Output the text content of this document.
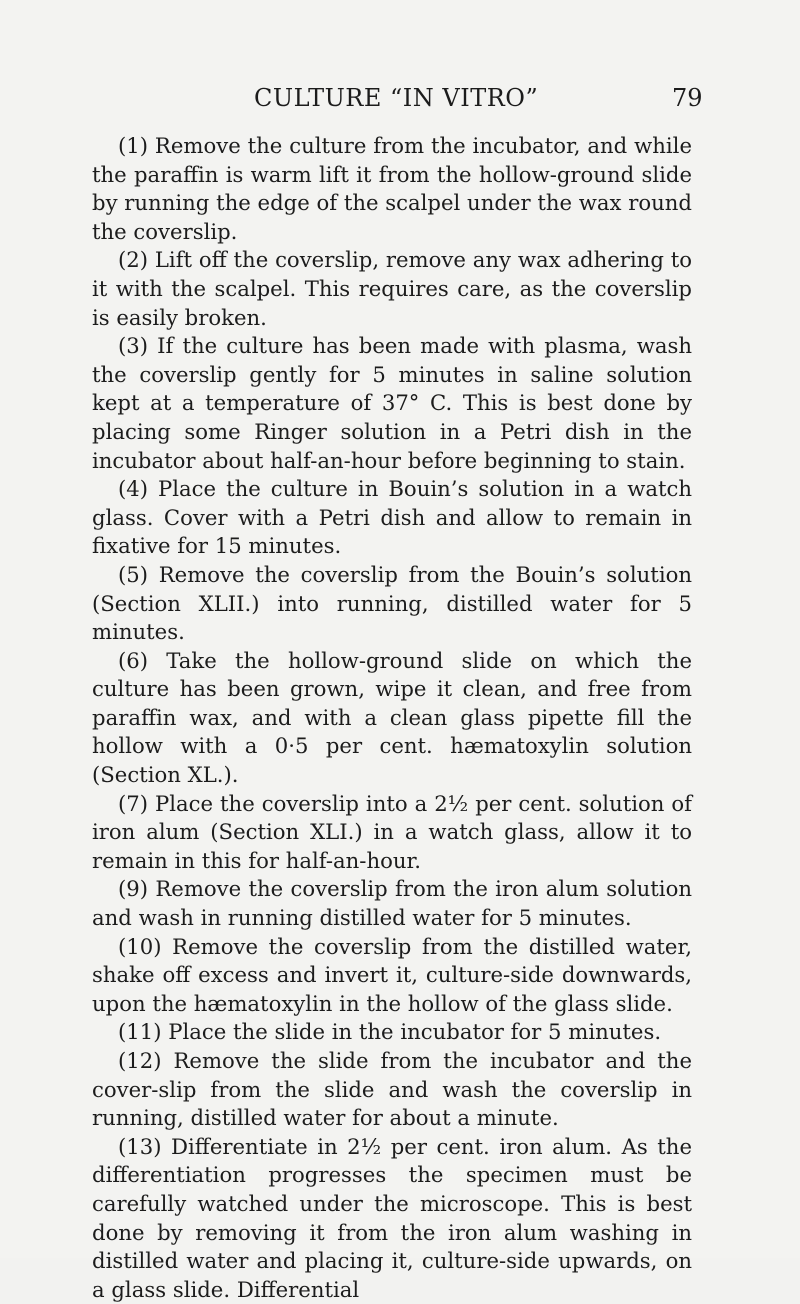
CULTURE “IN VITRO”	79

(1) Remove the culture from the incubator, and while the paraffin is warm lift it from the hollow-ground slide by running the edge of the scalpel under the wax round the coverslip.

(2) Lift off the coverslip, remove any wax adhering to it with the scalpel. This requires care, as the coverslip is easily broken.

(3) If the culture has been made with plasma, wash the coverslip gently for 5 minutes in saline solution kept at a temperature of 37° C. This is best done by placing some Ringer solution in a Petri dish in the incubator about half-an-hour before beginning to stain.

(4) Place the culture in Bouin’s solution in a watch glass. Cover with a Petri dish and allow to remain in fixative for 15 minutes.

(5) Remove the coverslip from the Bouin’s solution (Section XLII.) into running, distilled water for 5 minutes.

(6) Take the hollow-ground slide on which the culture has been grown, wipe it clean, and free from paraffin wax, and with a clean glass pipette fill the hollow with a 0·5 per cent. hæmatoxylin solution (Section XL.).

(7) Place the coverslip into a 2½ per cent. solution of iron alum (Section XLI.) in a watch glass, allow it to remain in this for half-an-hour.

(9) Remove the coverslip from the iron alum solution and wash in running distilled water for 5 minutes.

(10) Remove the coverslip from the distilled water, shake off excess and invert it, culture-side downwards, upon the hæmatoxylin in the hollow of the glass slide.

(11) Place the slide in the incubator for 5 minutes.

(12) Remove the slide from the incubator and the cover-slip from the slide and wash the coverslip in running, distilled water for about a minute.

(13) Differentiate in 2½ per cent. iron alum. As the differentiation progresses the specimen must be carefully watched under the microscope. This is best done by removing it from the iron alum washing in distilled water and placing it, culture-side upwards, on a glass slide. Differential
